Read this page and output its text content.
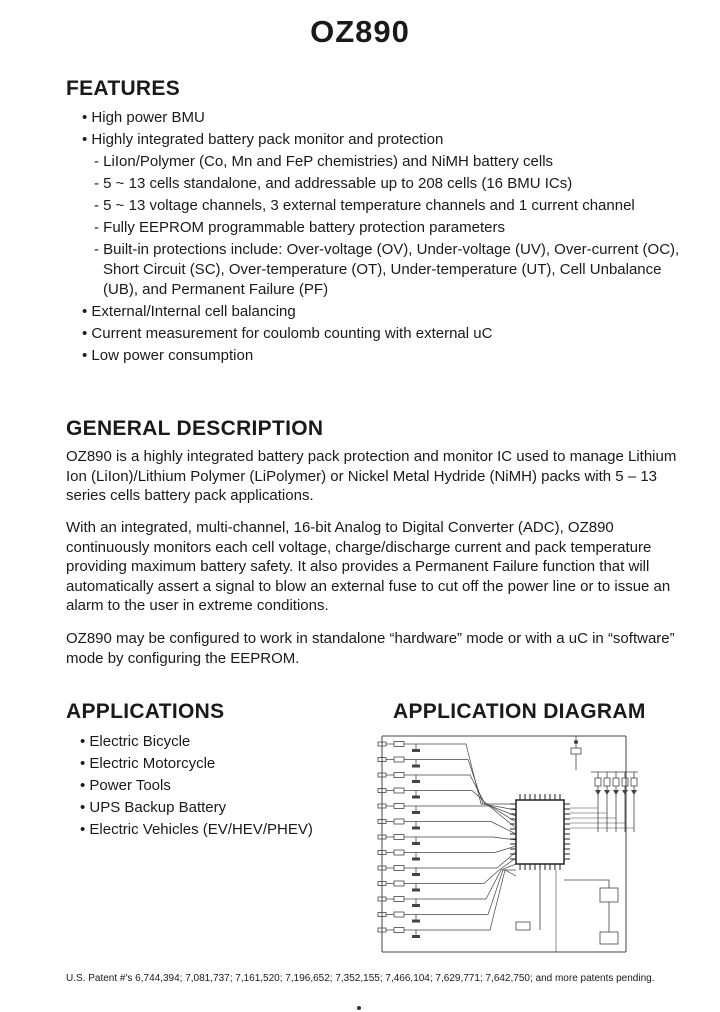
OZ890
FEATURES
• High power BMU
• Highly integrated battery pack monitor and protection
- LiIon/Polymer (Co, Mn and FeP chemistries) and NiMH battery cells
- 5 ~ 13 cells standalone, and addressable up to 208 cells (16 BMU ICs)
- 5 ~ 13 voltage channels, 3 external temperature channels and 1 current channel
- Fully EEPROM programmable battery protection parameters
- Built-in protections include: Over-voltage (OV), Under-voltage (UV), Over-current (OC), Short Circuit (SC), Over-temperature (OT), Under-temperature (UT), Cell Unbalance (UB), and Permanent Failure (PF)
• External/Internal cell balancing
• Current measurement for coulomb counting with external uC
• Low power consumption
GENERAL DESCRIPTION

OZ890 is a highly integrated battery pack protection and monitor IC used to manage Lithium Ion (LiIon)/Lithium Polymer (LiPolymer) or Nickel Metal Hydride (NiMH) packs with 5 – 13 series cells battery pack applications.

With an integrated, multi-channel, 16-bit Analog to Digital Converter (ADC), OZ890 continuously monitors each cell voltage, charge/discharge current and pack temperature providing maximum battery safety. It also provides a Permanent Failure function that will automatically assert a signal to blow an external fuse to cut off the power line or to issue an alarm to the user in extreme conditions.

OZ890 may be configured to work in standalone “hardware” mode or with a uC in “software” mode by configuring the EEPROM.

APPLICATIONS
• Electric Bicycle
• Electric Motorcycle
• Power Tools
• UPS Backup Battery
• Electric Vehicles (EV/HEV/PHEV)
APPLICATION DIAGRAM

U.S. Patent #'s 6,744,394; 7,081,737; 7,161,520; 7,196,652; 7,352,155; 7,466,104; 7,629,771; 7,642,750; and more patents pending.
